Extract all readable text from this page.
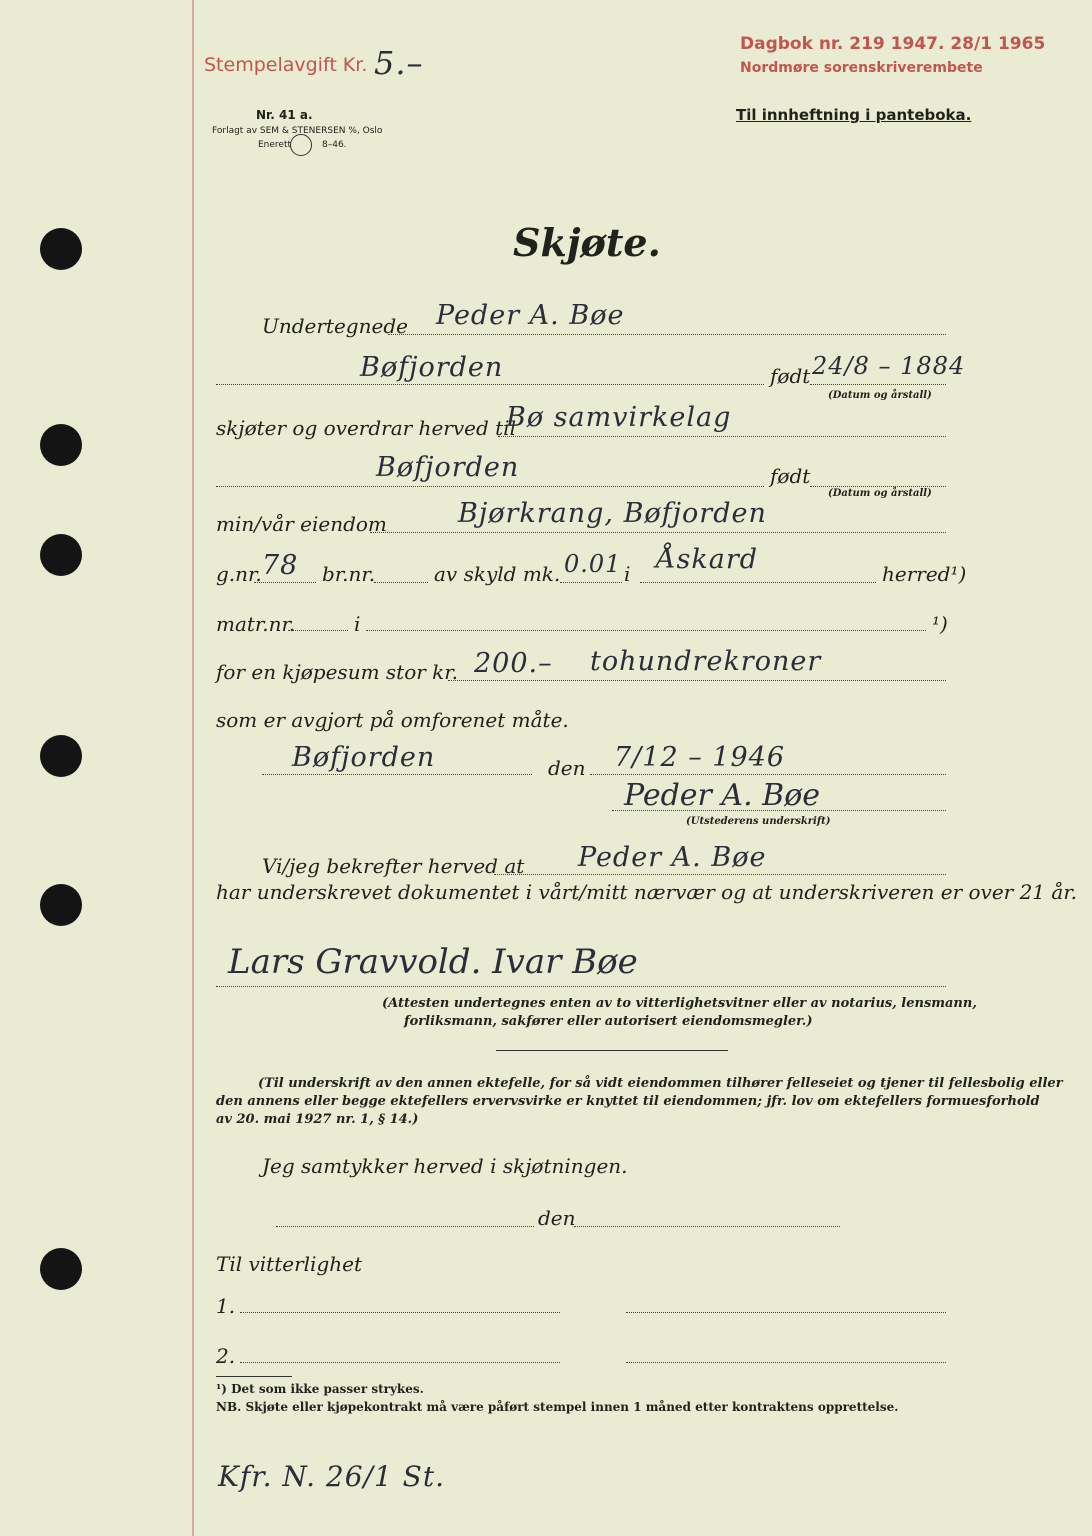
Stempelavgift Kr. 5.–	Dagbok nr. 219 1947. 28/1 1965
Nordmøre sorenskriverembete
Nr. 41 a.
Forlagt av SEM & STENERSEN %, Oslo
Enerett	8–46.
Til innheftning i panteboka.
Skjøte.
Undertegnede Peder A. Bøe
Bøfjorden	født 24/8 – 1884
(Datum og årstall)
skjøter og overdrar herved til
Bø samvirkelag
Bøfjorden	født
(Datum og årstall)
min/vår eiendom	Bjørkrang, Bøfjorden
g.nr. 78 br.nr.	av skyld mk. 0.01 i Åskard	herred¹)
matr.nr.	i	¹)
for en kjøpesum stor kr. 200.– tohundrekroner
som er avgjort på omforenet måte.
Bøfjorden	den 7/12 – 1946
Peder A. Bøe
(Utstederens underskrift)
Vi/jeg bekrefter herved at Peder A. Bøe
har underskrevet dokumentet i vårt/mitt nærvær og at underskriveren er over 21 år.
Lars Gravvold. Ivar Bøe
(Attesten undertegnes enten av to vitterlighetsvitner eller av notarius, lensmann,
forliksmann, sakfører eller autorisert eiendomsmegler.)
(Til underskrift av den annen ektefelle, for så vidt eiendommen tilhører felleseiet og tjener til fellesbolig eller
den annens eller begge ektefellers ervervsvirke er knyttet til eiendommen; jfr. lov om ektefellers formuesforhold
av 20. mai 1927 nr. 1, § 14.)
Jeg samtykker herved i skjøtningen.
den
Til vitterlighet
1.
2.
¹) Det som ikke passer strykes.
NB. Skjøte eller kjøpekontrakt må være påført stempel innen 1 måned etter kontraktens opprettelse.
Kfr. N. 26/1 St.
